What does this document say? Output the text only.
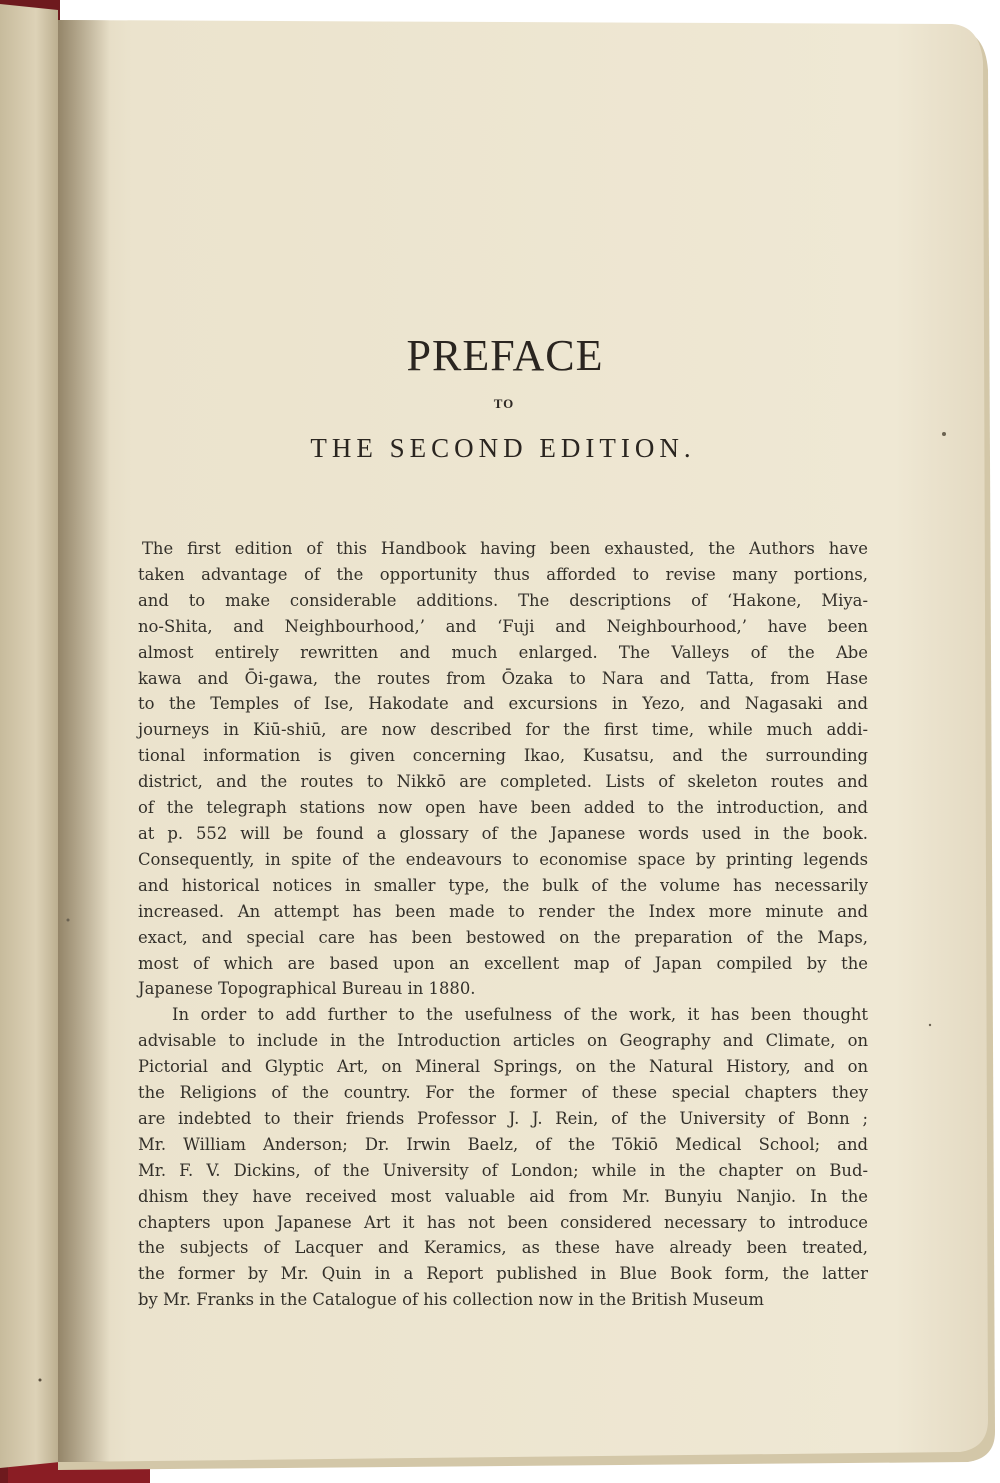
PREFACE
TO
THE SECOND EDITION.
The first edition of this Handbook having been exhausted, the Authors have
taken advantage of the opportunity thus afforded to revise many portions,
and to make considerable additions. The descriptions of ‘Hakone, Miya-
no-Shita, and Neighbourhood,’ and ‘Fuji and Neighbourhood,’ have been
almost entirely rewritten and much enlarged. The Valleys of the Abe
kawa and Ōi-gawa, the routes from Ōzaka to Nara and Tatta, from Hase
to the Temples of Ise, Hakodate and excursions in Yezo, and Nagasaki and
journeys in Kiū-shiū, are now described for the first time, while much addi-
tional information is given concerning Ikao, Kusatsu, and the surrounding
district, and the routes to Nikkō are completed. Lists of skeleton routes and
of the telegraph stations now open have been added to the introduction, and
at p. 552 will be found a glossary of the Japanese words used in the book.
Consequently, in spite of the endeavours to economise space by printing legends
and historical notices in smaller type, the bulk of the volume has necessarily
increased. An attempt has been made to render the Index more minute and
exact, and special care has been bestowed on the preparation of the Maps,
most of which are based upon an excellent map of Japan compiled by the
Japanese Topographical Bureau in 1880.
In order to add further to the usefulness of the work, it has been thought
advisable to include in the Introduction articles on Geography and Climate, on
Pictorial and Glyptic Art, on Mineral Springs, on the Natural History, and on
the Religions of the country. For the former of these special chapters they
are indebted to their friends Professor J. J. Rein, of the University of Bonn ;
Mr. William Anderson; Dr. Irwin Baelz, of the Tōkiō Medical School; and
Mr. F. V. Dickins, of the University of London; while in the chapter on Bud-
dhism they have received most valuable aid from Mr. Bunyiu Nanjio. In the
chapters upon Japanese Art it has not been considered necessary to introduce
the subjects of Lacquer and Keramics, as these have already been treated,
the former by Mr. Quin in a Report published in Blue Book form, the latter
by Mr. Franks in the Catalogue of his collection now in the British Museum
